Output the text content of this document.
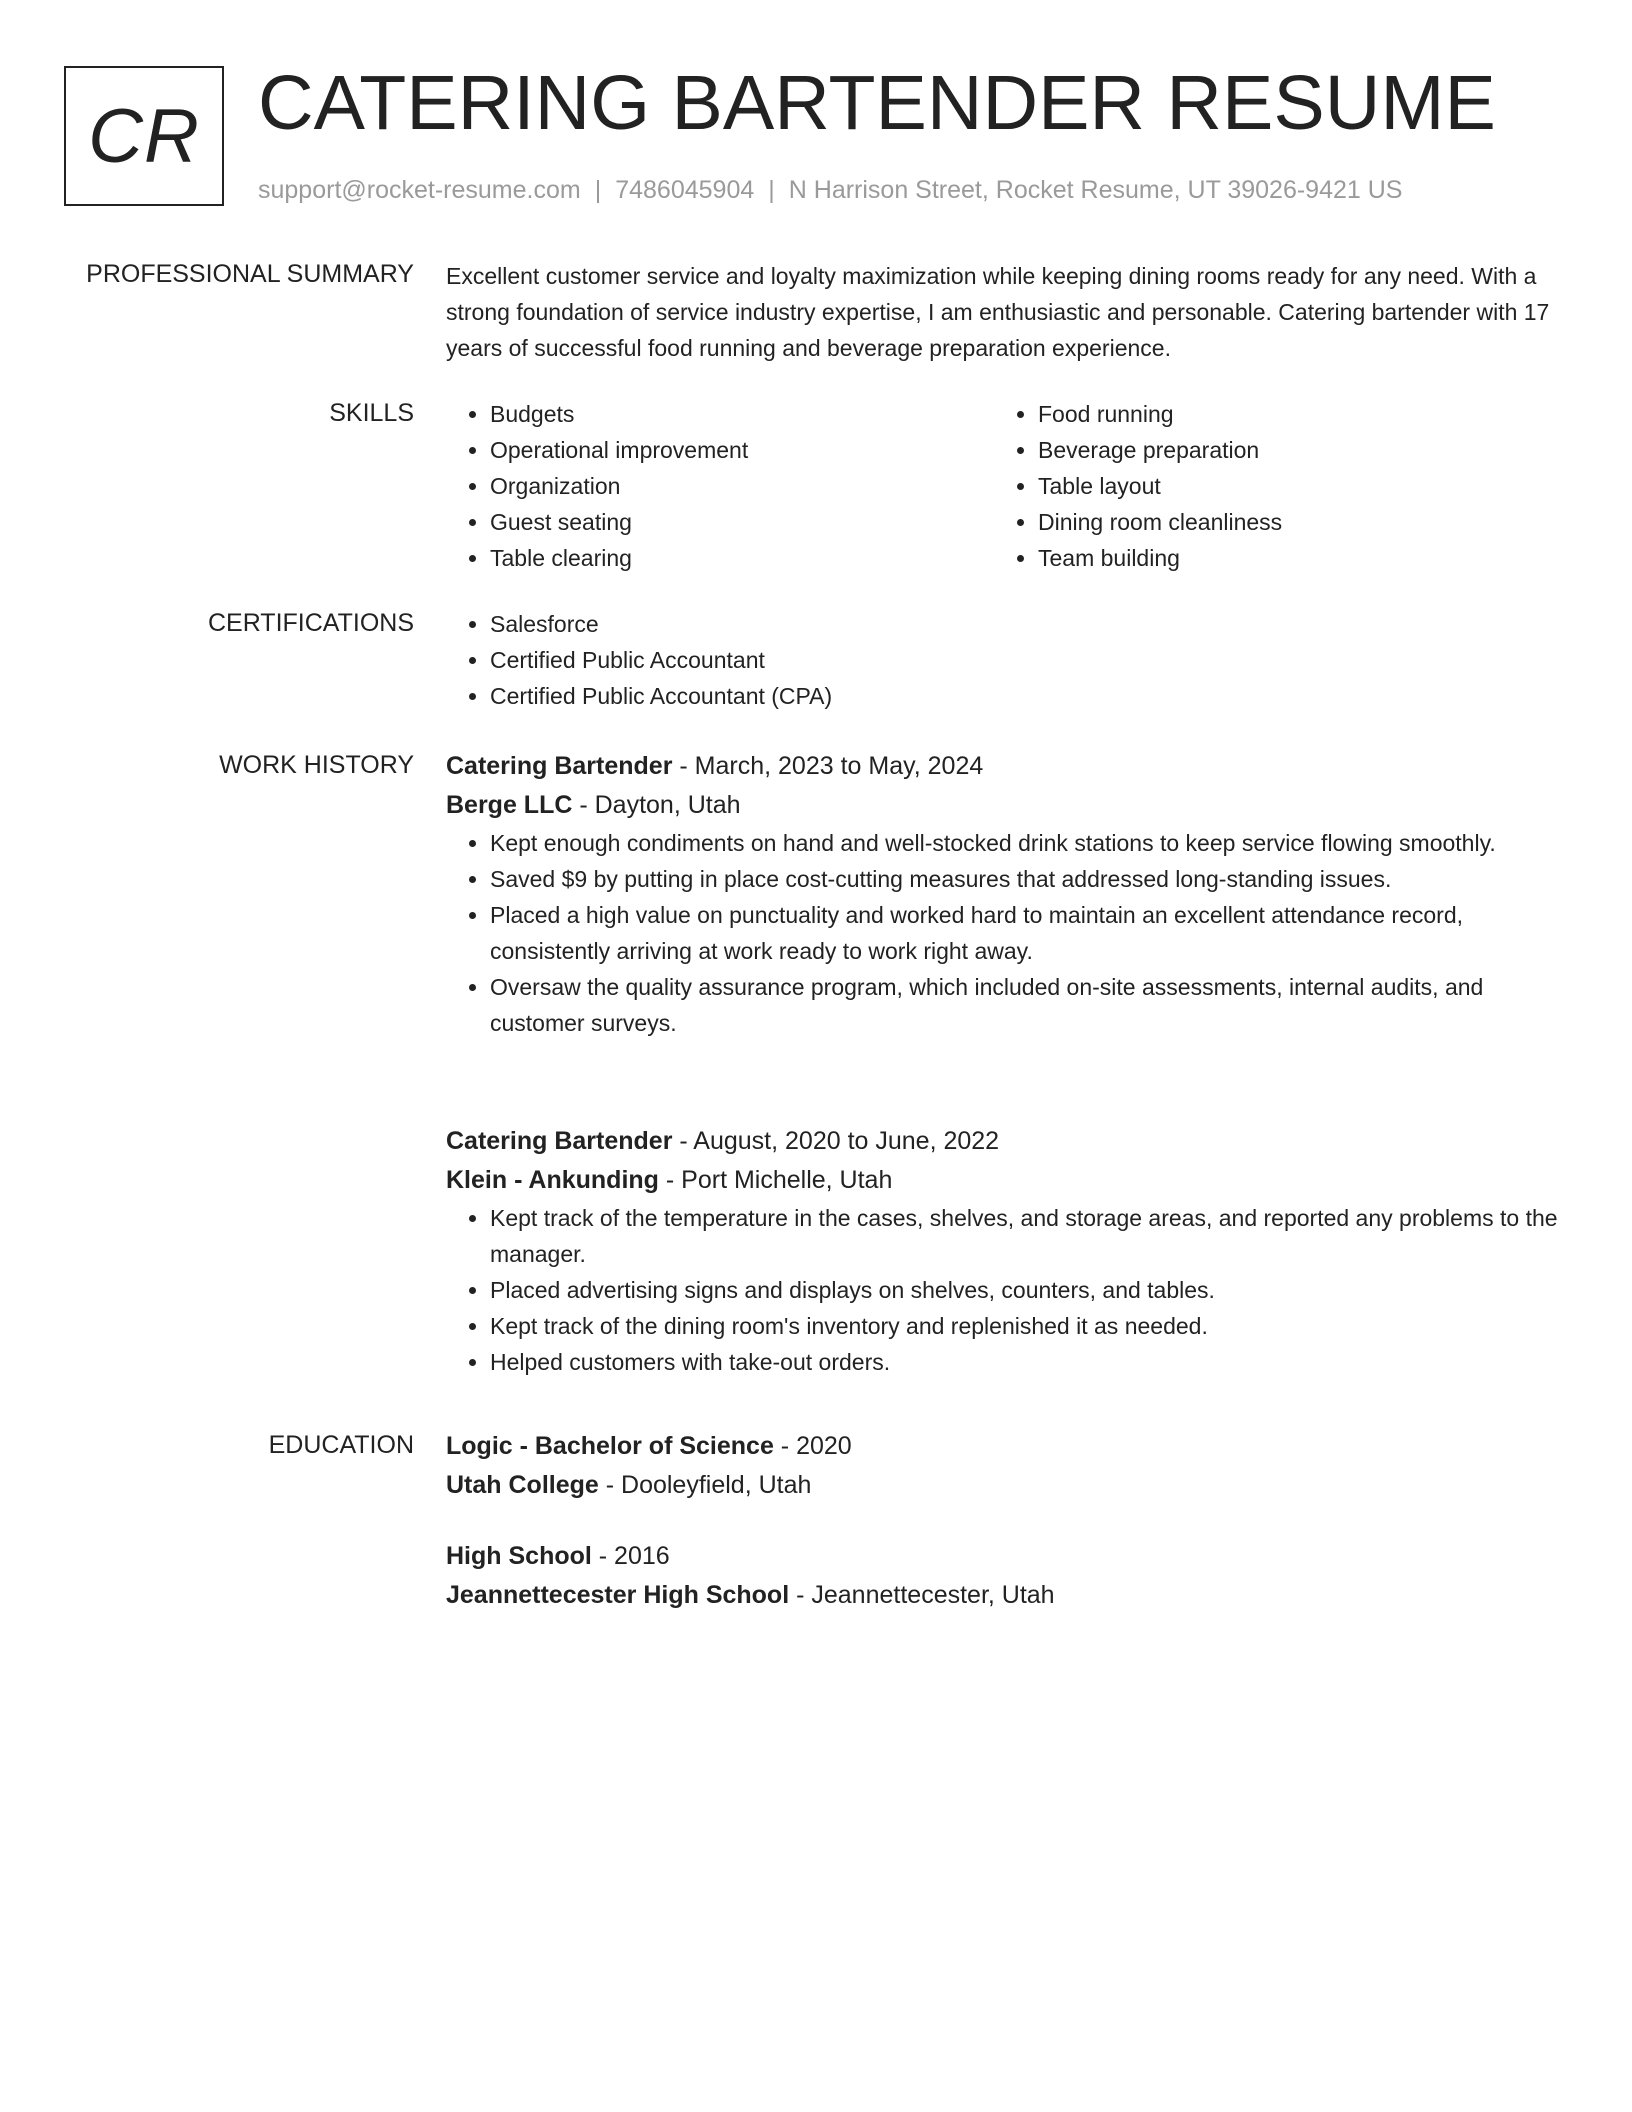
CR CATERING BARTENDER RESUME
support@rocket-resume.com | 7486045904 | N Harrison Street, Rocket Resume, UT 39026-9421 US
PROFESSIONAL SUMMARY Excellent customer service and loyalty maximization while keeping dining rooms ready for any need. With a strong foundation of service industry expertise, I am enthusiastic and personable. Catering bartender with 17 years of successful food running and beverage preparation experience.

SKILLS	• Budgets
• Operational improvement
• Organization
• Guest seating
• Table clearing
• Food running
• Beverage preparation
• Table layout
• Dining room cleanliness
• Team building
CERTIFICATIONS	• Salesforce
• Certified Public Accountant
• Certified Public Accountant (CPA)
WORK HISTORY Catering Bartender - March, 2023 to May, 2024
Berge LLC - Dayton, Utah
• Kept enough condiments on hand and well-stocked drink stations to keep service flowing smoothly.
• Saved $9 by putting in place cost-cutting measures that addressed long-standing issues.
• Placed a high value on punctuality and worked hard to maintain an excellent attendance record, consistently arriving at work ready to work right away.
• Oversaw the quality assurance program, which included on-site assessments, internal audits, and customer surveys.
Catering Bartender - August, 2020 to June, 2022
Klein - Ankunding - Port Michelle, Utah
• Kept track of the temperature in the cases, shelves, and storage areas, and reported any problems to the manager.
• Placed advertising signs and displays on shelves, counters, and tables.
• Kept track of the dining room's inventory and replenished it as needed.
• Helped customers with take-out orders.
EDUCATION Logic - Bachelor of Science - 2020
Utah College - Dooleyfield, Utah
High School - 2016
Jeannettecester High School - Jeannettecester, Utah
